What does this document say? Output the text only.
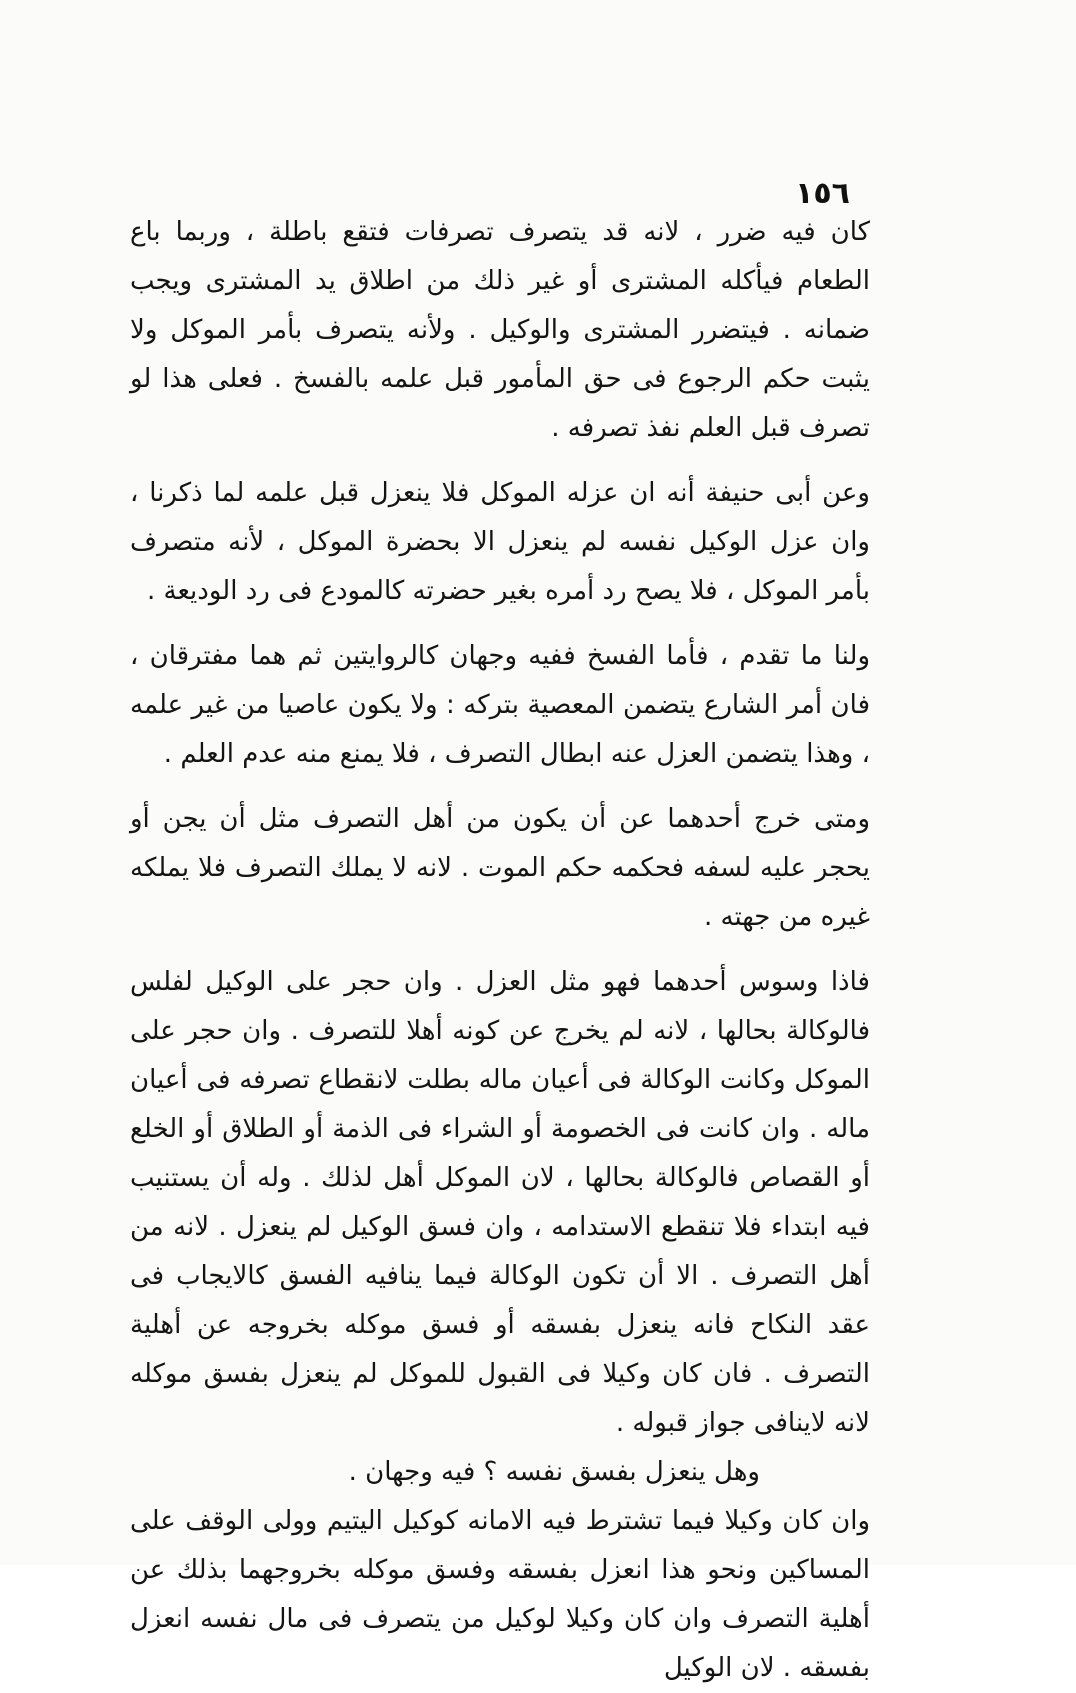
١٥٦

كان فيه ضرر ، لانه قد يتصرف تصرفات فتقع باطلة ، وربما باع الطعام فيأكله المشترى أو غير ذلك من اطلاق يد المشترى ويجب ضمانه . فيتضرر المشترى والوكيل . ولأنه يتصرف بأمر الموكل ولا يثبت حكم الرجوع فى حق المأمور قبل علمه بالفسخ . فعلى هذا لو تصرف قبل العلم نفذ تصرفه .

وعن أبى حنيفة أنه ان عزله الموكل فلا ينعزل قبل علمه لما ذكرنا ، وان عزل الوكيل نفسه لم ينعزل الا بحضرة الموكل ، لأنه متصرف بأمر الموكل ، فلا يصح رد أمره بغير حضرته كالمودع فى رد الوديعة .

ولنا ما تقدم ، فأما الفسخ ففيه وجهان كالروايتين ثم هما مفترقان ، فان أمر الشارع يتضمن المعصية بتركه : ولا يكون عاصيا من غير علمه ، وهذا يتضمن العزل عنه ابطال التصرف ، فلا يمنع منه عدم العلم .

ومتى خرج أحدهما عن أن يكون من أهل التصرف مثل أن يجن أو يحجر عليه لسفه فحكمه حكم الموت . لانه لا يملك التصرف فلا يملكه غيره من جهته .

فاذا وسوس أحدهما فهو مثل العزل . وان حجر على الوكيل لفلس فالوكالة بحالها ، لانه لم يخرج عن كونه أهلا للتصرف . وان حجر على الموكل وكانت الوكالة فى أعيان ماله بطلت لانقطاع تصرفه فى أعيان ماله . وان كانت فى الخصومة أو الشراء فى الذمة أو الطلاق أو الخلع أو القصاص فالوكالة بحالها ، لان الموكل أهل لذلك . وله أن يستنيب فيه ابتداء فلا تنقطع الاستدامه ، وان فسق الوكيل لم ينعزل . لانه من أهل التصرف . الا أن تكون الوكالة فيما ينافيه الفسق كالايجاب فى عقد النكاح فانه ينعزل بفسقه أو فسق موكله بخروجه عن أهلية التصرف . فان كان وكيلا فى القبول للموكل لم ينعزل بفسق موكله لانه لاينافى جواز قبوله .

وهل ينعزل بفسق نفسه ؟ فيه وجهان .

وان كان وكيلا فيما تشترط فيه الامانه كوكيل اليتيم وولى الوقف على المساكين ونحو هذا انعزل بفسقه وفسق موكله بخروجهما بذلك عن أهلية التصرف وان كان وكيلا لوكيل من يتصرف فى مال نفسه انعزل بفسقه . لان الوكيل
